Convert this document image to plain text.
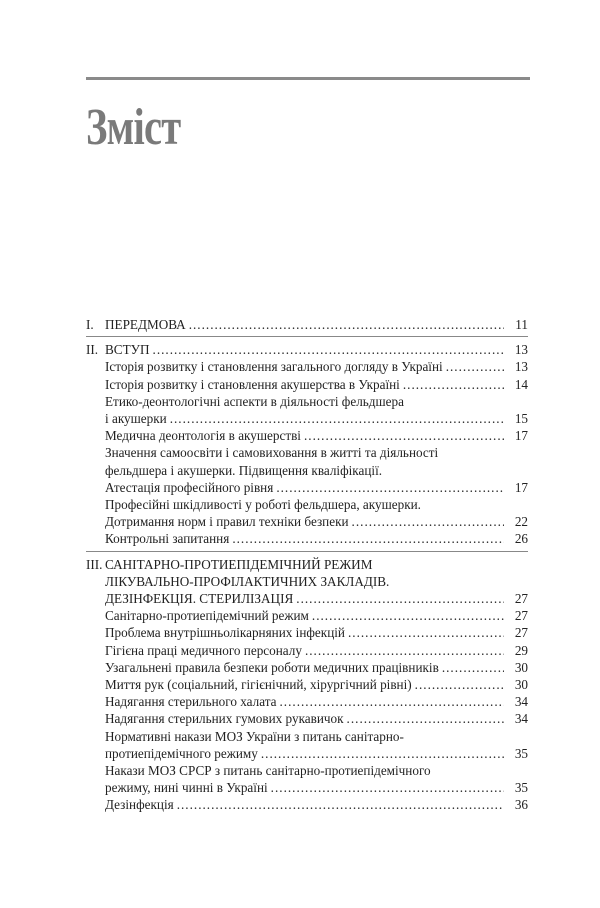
Зміст
I. ПЕРЕДМОВА .....	11
II. ВСТУП .....	13
Історія розвитку і становлення загального догляду в Україні .....	13
Історія розвитку і становлення акушерства в Україні .....	14
Етико-деонтологічні аспекти в діяльності фельдшера
і акушерки .....	15
Медична деонтологія в акушерстві .....	17
Значення самоосвіти і самовиховання в житті та діяльності
фельдшера і акушерки. Підвищення кваліфікації.
Атестація професійного рівня .....	17
Професійні шкідливості у роботі фельдшера, акушерки.
Дотримання норм і правил техніки безпеки .....	22
Контрольні запитання .....	26
III. САНІТАРНО-ПРОТИЕПІДЕМІЧНИЙ РЕЖИМ
ЛІКУВАЛЬНО-ПРОФІЛАКТИЧНИХ ЗАКЛАДІВ.
ДЕЗІНФЕКЦІЯ. СТЕРИЛІЗАЦІЯ .....	27
Санітарно-протиепідемічний режим .....	27
Проблема внутрішньолікарняних інфекцій .....	27
Гігієна праці медичного персоналу .....	29
Узагальнені правила безпеки роботи медичних працівників .....	30
Миття рук (соціальний, гігієнічний, хірургічний рівні) .....	30
Надягання стерильного халата .....	34
Надягання стерильних гумових рукавичок .....	34
Нормативні накази МОЗ України з питань санітарно-
протиепідемічного режиму .....	35
Накази МОЗ СРСР з питань санітарно-протиепідемічного
режиму, нині чинні в Україні .....	35
Дезінфекція .....	36
